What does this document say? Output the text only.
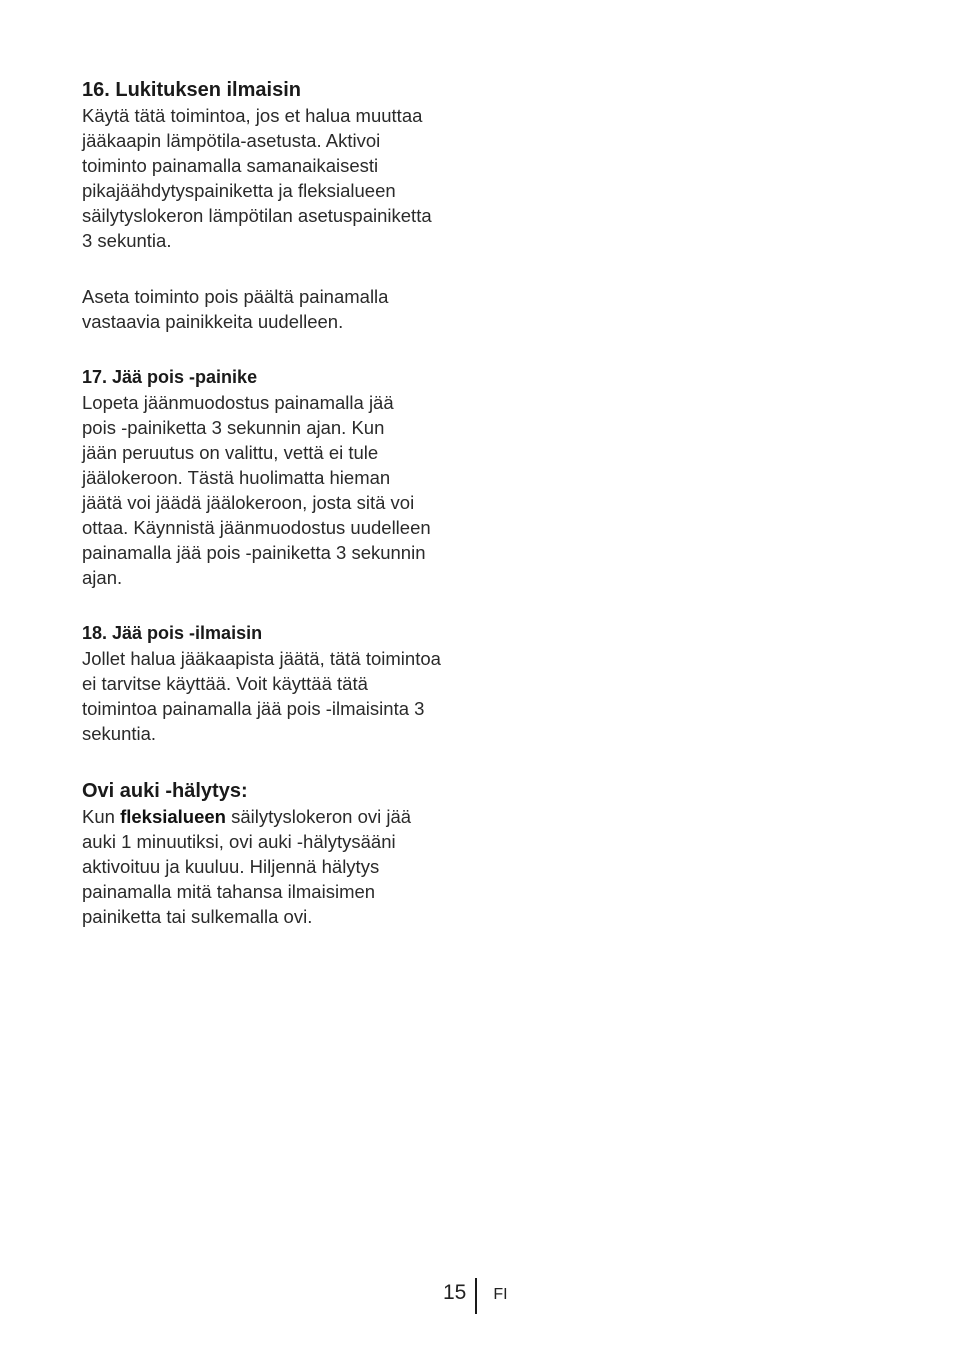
16. Lukituksen ilmaisin

Käytä tätä toimintoa, jos et halua muuttaa
jääkaapin lämpötila-asetusta. Aktivoi
toiminto painamalla samanaikaisesti
pikajäähdytyspainiketta ja fleksialueen
säilytyslokeron lämpötilan asetuspainiketta
3 sekuntia.

Aseta toiminto pois päältä painamalla
vastaavia painikkeita uudelleen.

17. Jää pois -painike

Lopeta jäänmuodostus painamalla jää
pois -painiketta 3 sekunnin ajan. Kun
jään peruutus on valittu, vettä ei tule
jäälokeroon. Tästä huolimatta hieman
jäätä voi jäädä jäälokeroon, josta sitä voi
ottaa. Käynnistä jäänmuodostus uudelleen
painamalla jää pois -painiketta 3 sekunnin
ajan.

18. Jää pois -ilmaisin

Jollet halua jääkaapista jäätä, tätä toimintoa
ei tarvitse käyttää. Voit käyttää tätä
toimintoa painamalla jää pois -ilmaisinta 3
sekuntia.

Ovi auki -hälytys:

Kun fleksialueen säilytyslokeron ovi jää
auki 1 minuutiksi, ovi auki -hälytysääni
aktivoituu ja kuuluu. Hiljennä hälytys
painamalla mitä tahansa ilmaisimen
painiketta tai sulkemalla ovi.

15 FI
